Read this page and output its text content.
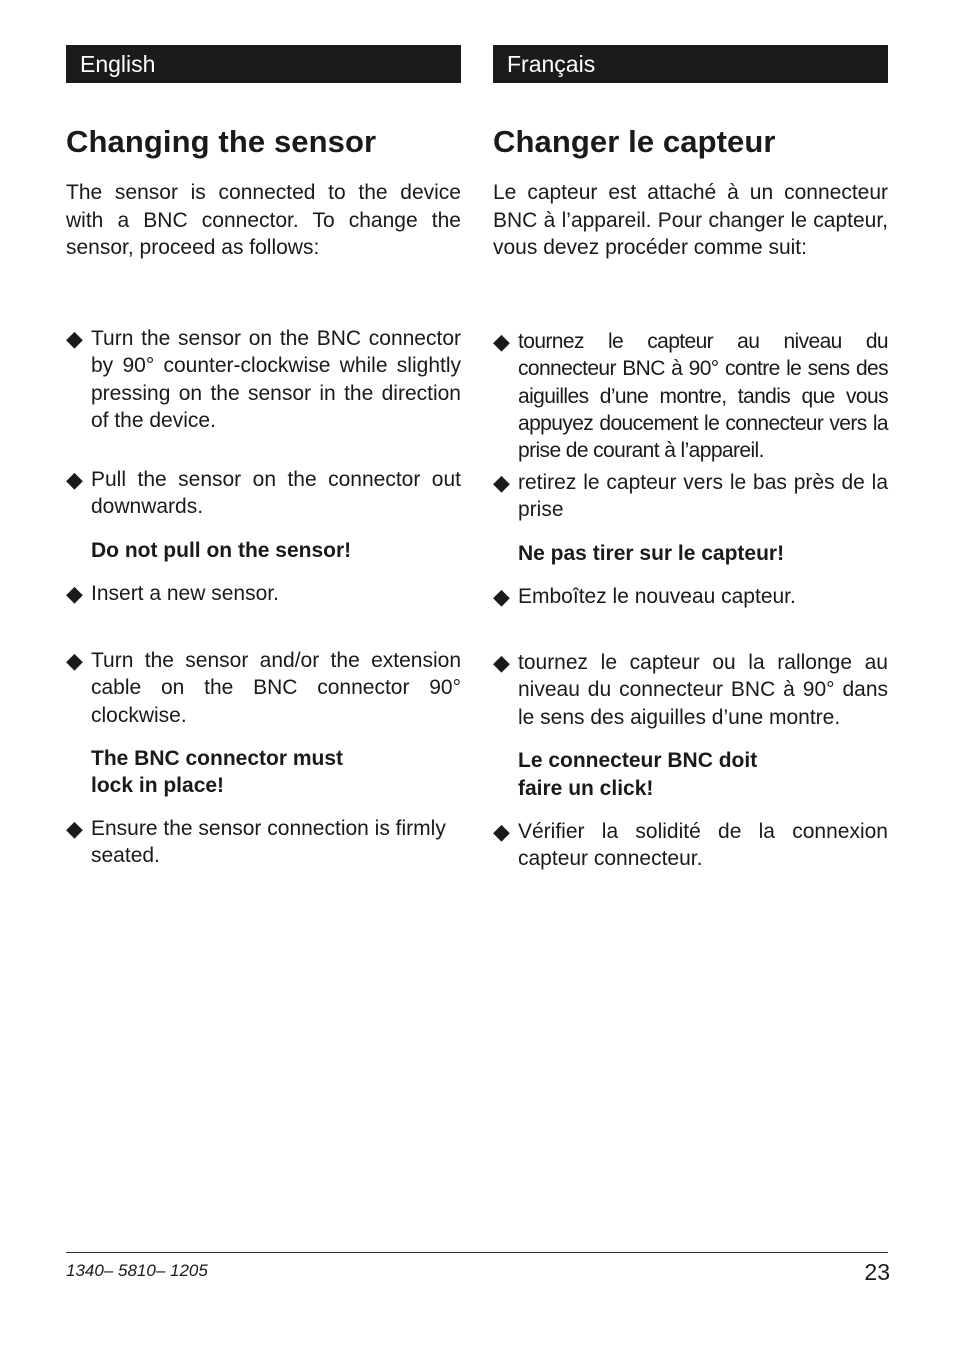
English
Changing the sensor

The sensor is connected to the device with a BNC connector. To change the sensor, proceed as follows:

◆ Turn the sensor on the BNC connector by 90° counter-clockwise while slightly pressing on the sensor in the direction of the device.
◆ Pull the sensor on the connector out downwards.

Do not pull on the sensor!

◆ Insert a new sensor.
◆ Turn the sensor and/or the extension cable on the BNC connector 90° clockwise.

The BNC connector must

lock in place!

◆ Ensure the sensor connection is firmly seated.
Français
Changer le capteur

Le capteur est attaché à un connecteur BNC à l’appareil. Pour changer le capteur, vous devez procéder comme suit:

◆ tournez le capteur au niveau du connecteur BNC à 90° contre le sens des aiguilles d’une montre, tandis que vous appuyez doucement le connecteur vers la prise de courant à l’appareil.
◆ retirez le capteur vers le bas près de la prise

Ne pas tirer sur le capteur!

◆ Emboîtez le nouveau capteur.
◆ tournez le capteur ou la rallonge au niveau du connecteur BNC à 90° dans le sens des aiguilles d’une montre.

Le connecteur BNC doit

faire un click!

◆ Vérifier la solidité de la connexion capteur connecteur.
1340– 5810– 1205	23
